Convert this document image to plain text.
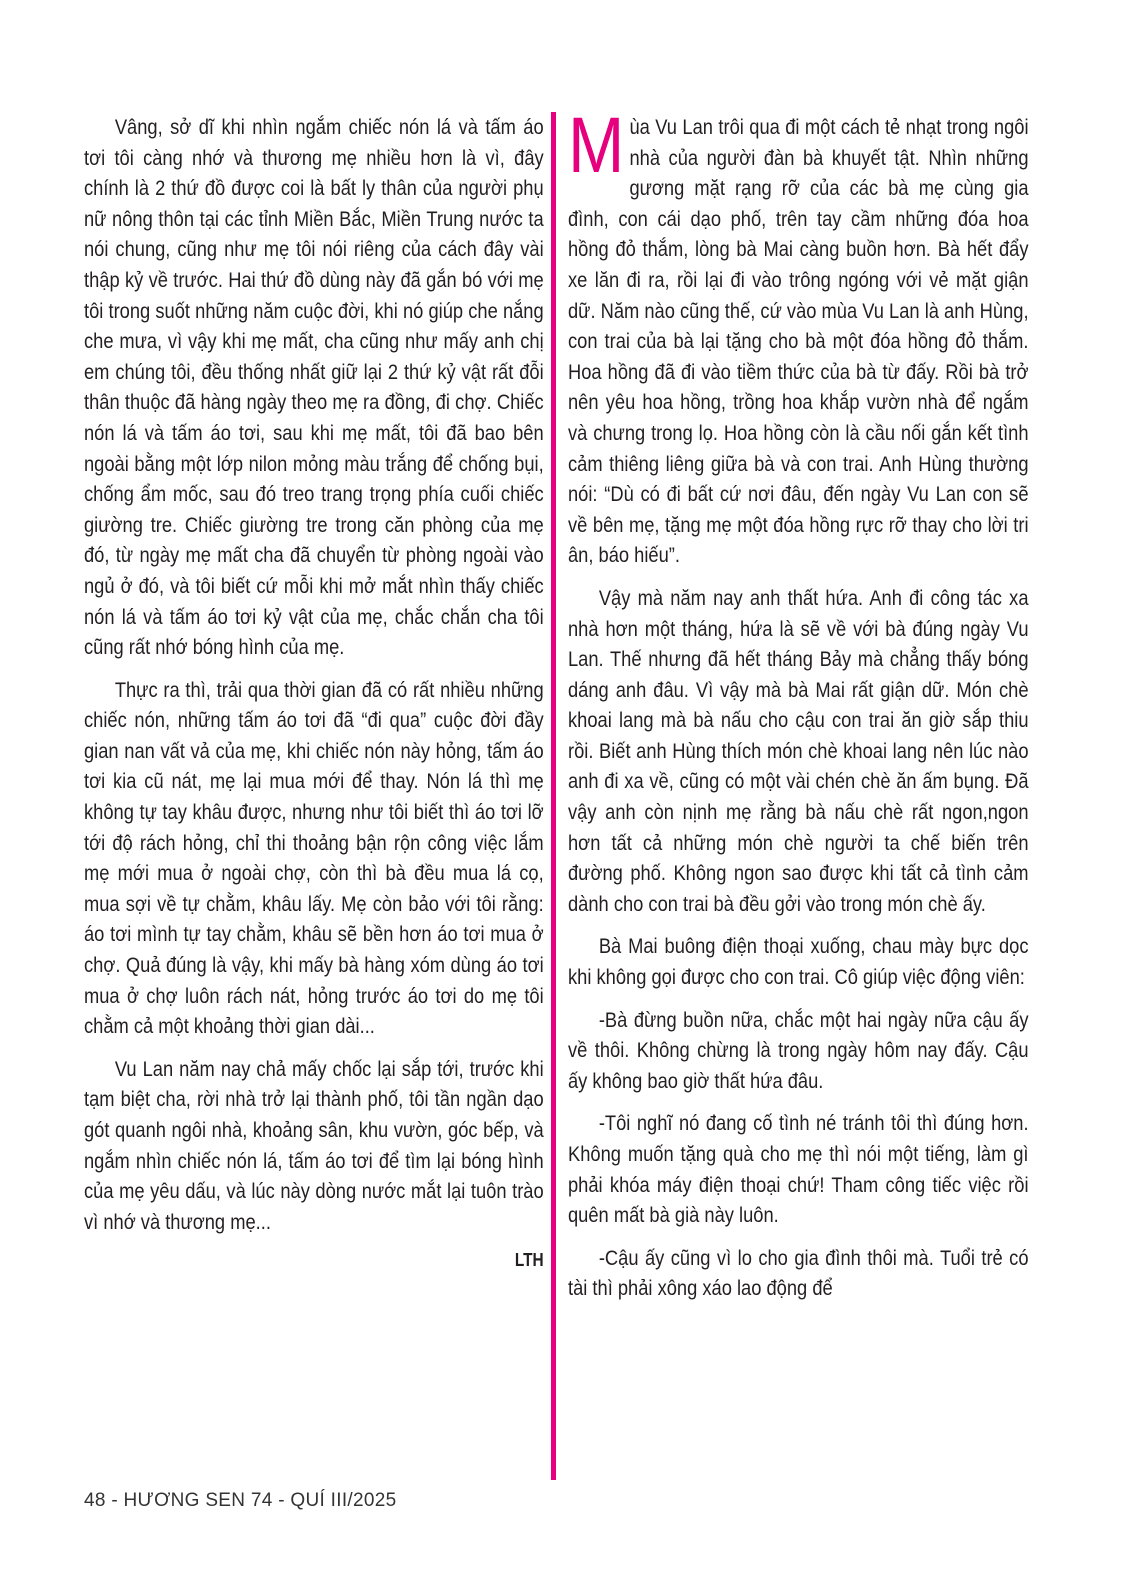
Vâng, sở dĩ khi nhìn ngắm chiếc nón lá và tấm áo tơi tôi càng nhớ và thương mẹ nhiều hơn là vì, đây chính là 2 thứ đồ được coi là bất ly thân của người phụ nữ nông thôn tại các tỉnh Miền Bắc, Miền Trung nước ta nói chung, cũng như mẹ tôi nói riêng của cách đây vài thập kỷ về trước. Hai thứ đồ dùng này đã gắn bó với mẹ tôi trong suốt những năm cuộc đời, khi nó giúp che nắng che mưa, vì vậy khi mẹ mất, cha cũng như mấy anh chị em chúng tôi, đều thống nhất giữ lại 2 thứ kỷ vật rất đỗi thân thuộc đã hàng ngày theo mẹ ra đồng, đi chợ. Chiếc nón lá và tấm áo tơi, sau khi mẹ mất, tôi đã bao bên ngoài bằng một lớp nilon mỏng màu trắng để chống bụi, chống ẩm mốc, sau đó treo trang trọng phía cuối chiếc giường tre. Chiếc giường tre trong căn phòng của mẹ đó, từ ngày mẹ mất cha đã chuyển từ phòng ngoài vào ngủ ở đó, và tôi biết cứ mỗi khi mở mắt nhìn thấy chiếc nón lá và tấm áo tơi kỷ vật của mẹ, chắc chắn cha tôi cũng rất nhớ bóng hình của mẹ.

Thực ra thì, trải qua thời gian đã có rất nhiều những chiếc nón, những tấm áo tơi đã “đi qua” cuộc đời đầy gian nan vất vả của mẹ, khi chiếc nón này hỏng, tấm áo tơi kia cũ nát, mẹ lại mua mới để thay. Nón lá thì mẹ không tự tay khâu được, nhưng như tôi biết thì áo tơi lỡ tới độ rách hỏng, chỉ thi thoảng bận rộn công việc lắm mẹ mới mua ở ngoài chợ, còn thì bà đều mua lá cọ, mua sợi về tự chằm, khâu lấy. Mẹ còn bảo với tôi rằng: áo tơi mình tự tay chằm, khâu sẽ bền hơn áo tơi mua ở chợ. Quả đúng là vậy, khi mấy bà hàng xóm dùng áo tơi mua ở chợ luôn rách nát, hỏng trước áo tơi do mẹ tôi chằm cả một khoảng thời gian dài...

Vu Lan năm nay chả mấy chốc lại sắp tới, trước khi tạm biệt cha, rời nhà trở lại thành phố, tôi tần ngần dạo gót quanh ngôi nhà, khoảng sân, khu vườn, góc bếp, và ngắm nhìn chiếc nón lá, tấm áo tơi để tìm lại bóng hình của mẹ yêu dấu, và lúc này dòng nước mắt lại tuôn trào vì nhớ và thương mẹ...

LTH

Mùa Vu Lan trôi qua đi một cách tẻ nhạt trong ngôi nhà của người đàn bà khuyết tật. Nhìn những gương mặt rạng rỡ của các bà mẹ cùng gia đình, con cái dạo phố, trên tay cầm những đóa hoa hồng đỏ thắm, lòng bà Mai càng buồn hơn. Bà hết đẩy xe lăn đi ra, rồi lại đi vào trông ngóng với vẻ mặt giận dữ. Năm nào cũng thế, cứ vào mùa Vu Lan là anh Hùng, con trai của bà lại tặng cho bà một đóa hồng đỏ thắm. Hoa hồng đã đi vào tiềm thức của bà từ đấy. Rồi bà trở nên yêu hoa hồng, trồng hoa khắp vườn nhà để ngắm và chưng trong lọ. Hoa hồng còn là cầu nối gắn kết tình cảm thiêng liêng giữa bà và con trai. Anh Hùng thường nói: “Dù có đi bất cứ nơi đâu, đến ngày Vu Lan con sẽ về bên mẹ, tặng mẹ một đóa hồng rực rỡ thay cho lời tri ân, báo hiếu”.

Vậy mà năm nay anh thất hứa. Anh đi công tác xa nhà hơn một tháng, hứa là sẽ về với bà đúng ngày Vu Lan. Thế nhưng đã hết tháng Bảy mà chẳng thấy bóng dáng anh đâu. Vì vậy mà bà Mai rất giận dữ. Món chè khoai lang mà bà nấu cho cậu con trai ăn giờ sắp thiu rồi. Biết anh Hùng thích món chè khoai lang nên lúc nào anh đi xa về, cũng có một vài chén chè ăn ấm bụng. Đã vậy anh còn nịnh mẹ rằng bà nấu chè rất ngon,ngon hơn tất cả những món chè người ta chế biến trên đường phố. Không ngon sao được khi tất cả tình cảm dành cho con trai bà đều gởi vào trong món chè ấy.

Bà Mai buông điện thoại xuống, chau mày bực dọc khi không gọi được cho con trai. Cô giúp việc động viên:

-Bà đừng buồn nữa, chắc một hai ngày nữa cậu ấy về thôi. Không chừng là trong ngày hôm nay đấy. Cậu ấy không bao giờ thất hứa đâu.

-Tôi nghĩ nó đang cố tình né tránh tôi thì đúng hơn. Không muốn tặng quà cho mẹ thì nói một tiếng, làm gì phải khóa máy điện thoại chứ! Tham công tiếc việc rồi quên mất bà già này luôn.

-Cậu ấy cũng vì lo cho gia đình thôi mà. Tuổi trẻ có tài thì phải xông xáo lao động để

48 - HƯƠNG SEN 74 - QUÍ III/2025
